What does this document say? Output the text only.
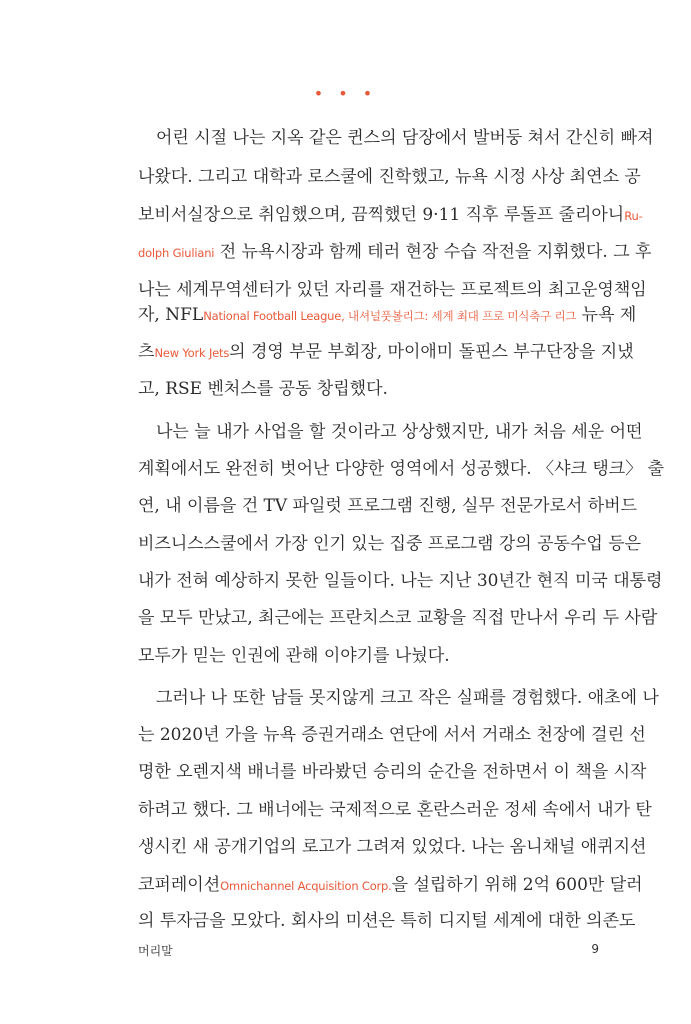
• • •
어린 시절 나는 지옥 같은 퀸스의 담장에서 발버둥 쳐서 간신히 빠져
나왔다. 그리고 대학과 로스쿨에 진학했고, 뉴욕 시정 사상 최연소 공
보비서실장으로 취임했으며, 끔찍했던 9·11 직후 루돌프 줄리아니Ru-
dolph Giuliani 전 뉴욕시장과 함께 테러 현장 수습 작전을 지휘했다. 그 후
나는 세계무역센터가 있던 자리를 재건하는 프로젝트의 최고운영책임
자, NFLNational Football League, 내셔널풋볼리그: 세계 최대 프로 미식축구 리그 뉴욕 제
츠New York Jets의 경영 부문 부회장, 마이애미 돌핀스 부구단장을 지냈
고, RSE 벤처스를 공동 창립했다.
나는 늘 내가 사업을 할 것이라고 상상했지만, 내가 처음 세운 어떤
계획에서도 완전히 벗어난 다양한 영역에서 성공했다. 〈샤크 탱크〉 출
연, 내 이름을 건 TV 파일럿 프로그램 진행, 실무 전문가로서 하버드
비즈니스스쿨에서 가장 인기 있는 집중 프로그램 강의 공동수업 등은
내가 전혀 예상하지 못한 일들이다. 나는 지난 30년간 현직 미국 대통령
을 모두 만났고, 최근에는 프란치스코 교황을 직접 만나서 우리 두 사람
모두가 믿는 인권에 관해 이야기를 나눴다.
그러나 나 또한 남들 못지않게 크고 작은 실패를 경험했다. 애초에 나
는 2020년 가을 뉴욕 증권거래소 연단에 서서 거래소 천장에 걸린 선
명한 오렌지색 배너를 바라봤던 승리의 순간을 전하면서 이 책을 시작
하려고 했다. 그 배너에는 국제적으로 혼란스러운 정세 속에서 내가 탄
생시킨 새 공개기업의 로고가 그려져 있었다. 나는 옴니채널 애퀴지션
코퍼레이션Omnichannel Acquisition Corp.을 설립하기 위해 2억 600만 달러
의 투자금을 모았다. 회사의 미션은 특히 디지털 세계에 대한 의존도
머리말	9
